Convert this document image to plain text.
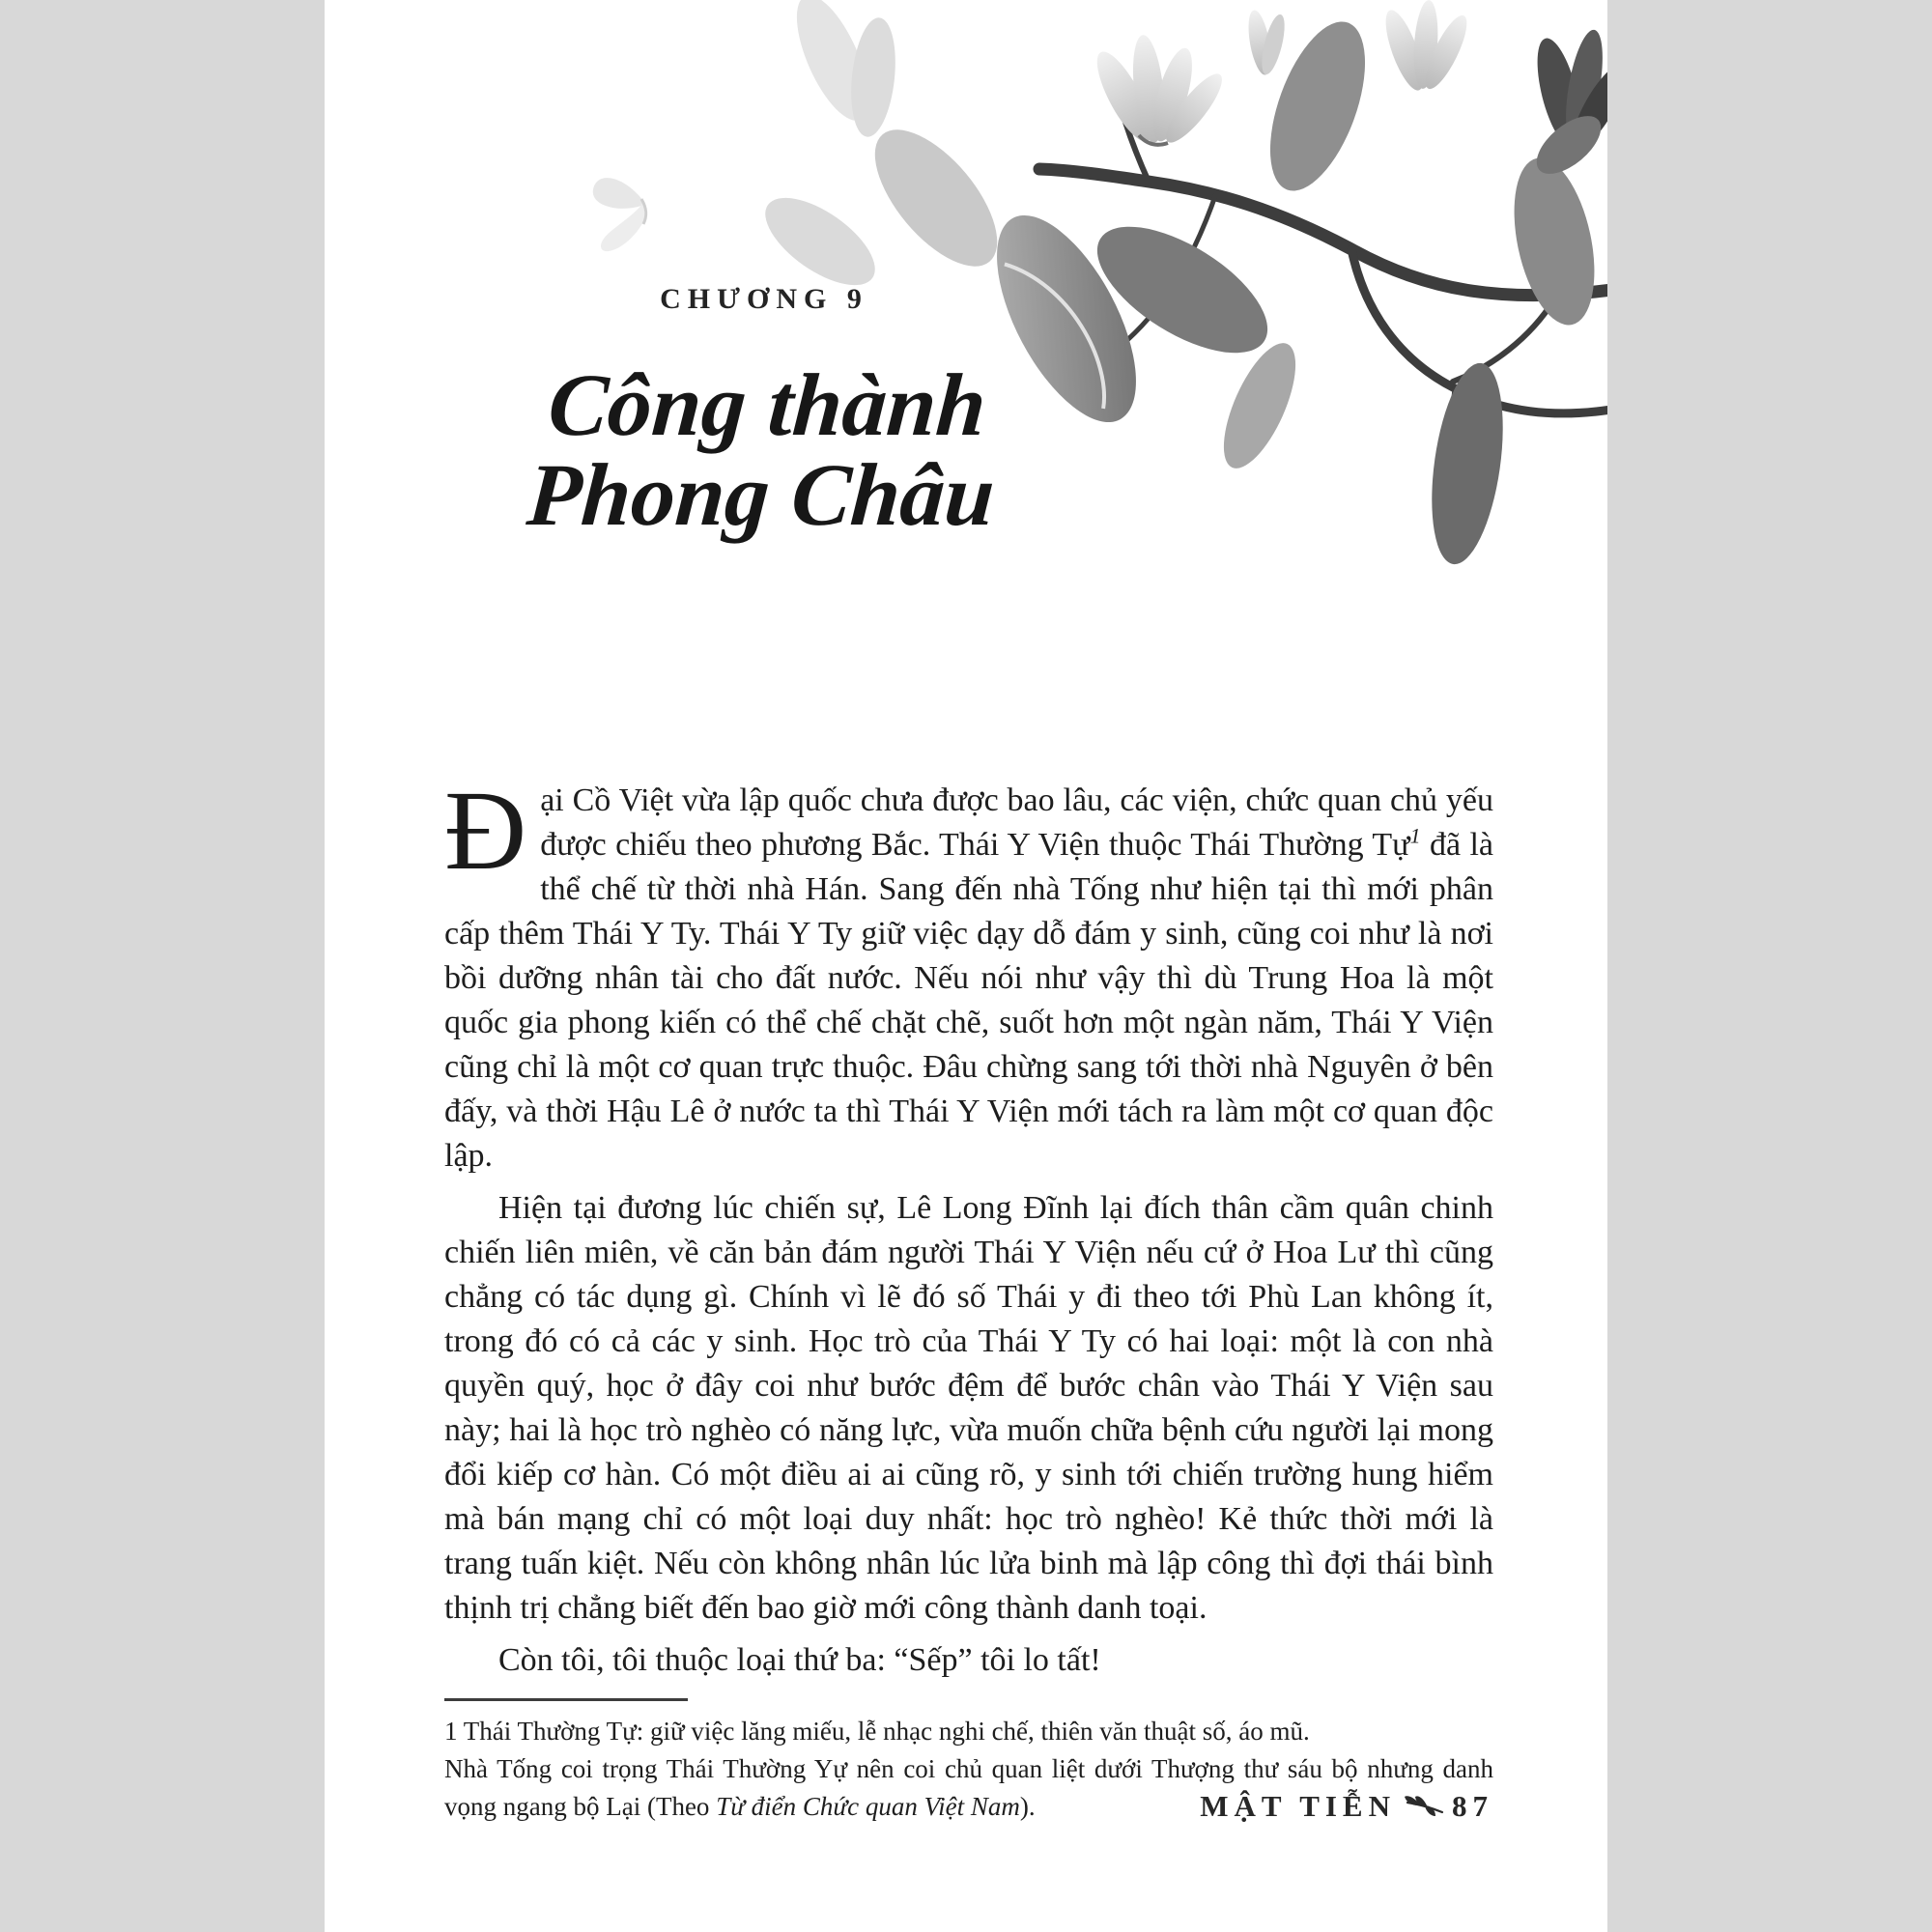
CHƯƠNG 9
Công thành
Phong Châu

Đại Cồ Việt vừa lập quốc chưa được bao lâu, các viện, chức quan chủ yếu được chiếu theo phương Bắc. Thái Y Viện thuộc Thái Thường Tự$^1$ đã là thể chế từ thời nhà Hán. Sang đến nhà Tống như hiện tại thì mới phân cấp thêm Thái Y Ty. Thái Y Ty giữ việc dạy dỗ đám y sinh, cũng coi như là nơi bồi dưỡng nhân tài cho đất nước. Nếu nói như vậy thì dù Trung Hoa là một quốc gia phong kiến có thể chế chặt chẽ, suốt hơn một ngàn năm, Thái Y Viện cũng chỉ là một cơ quan trực thuộc. Đâu chừng sang tới thời nhà Nguyên ở bên đấy, và thời Hậu Lê ở nước ta thì Thái Y Viện mới tách ra làm một cơ quan độc lập.

Hiện tại đương lúc chiến sự, Lê Long Đĩnh lại đích thân cầm quân chinh chiến liên miên, về căn bản đám người Thái Y Viện nếu cứ ở Hoa Lư thì cũng chẳng có tác dụng gì. Chính vì lẽ đó số Thái y đi theo tới Phù Lan không ít, trong đó có cả các y sinh. Học trò của Thái Y Ty có hai loại: một là con nhà quyền quý, học ở đây coi như bước đệm để bước chân vào Thái Y Viện sau này; hai là học trò nghèo có năng lực, vừa muốn chữa bệnh cứu người lại mong đổi kiếp cơ hàn. Có một điều ai ai cũng rõ, y sinh tới chiến trường hung hiểm mà bán mạng chỉ có một loại duy nhất: học trò nghèo! Kẻ thức thời mới là trang tuấn kiệt. Nếu còn không nhân lúc lửa binh mà lập công thì đợi thái bình thịnh trị chẳng biết đến bao giờ mới công thành danh toại.

Còn tôi, tôi thuộc loại thứ ba: “Sếp” tôi lo tất!

1 Thái Thường Tự: giữ việc lăng miếu, lễ nhạc nghi chế, thiên văn thuật số, áo mũ.

Nhà Tống coi trọng Thái Thường Yự nên coi chủ quan liệt dưới Thượng thư sáu bộ nhưng danh vọng ngang bộ Lại (Theo Từ điển Chức quan Việt Nam).	MẬT TIỄN 87
